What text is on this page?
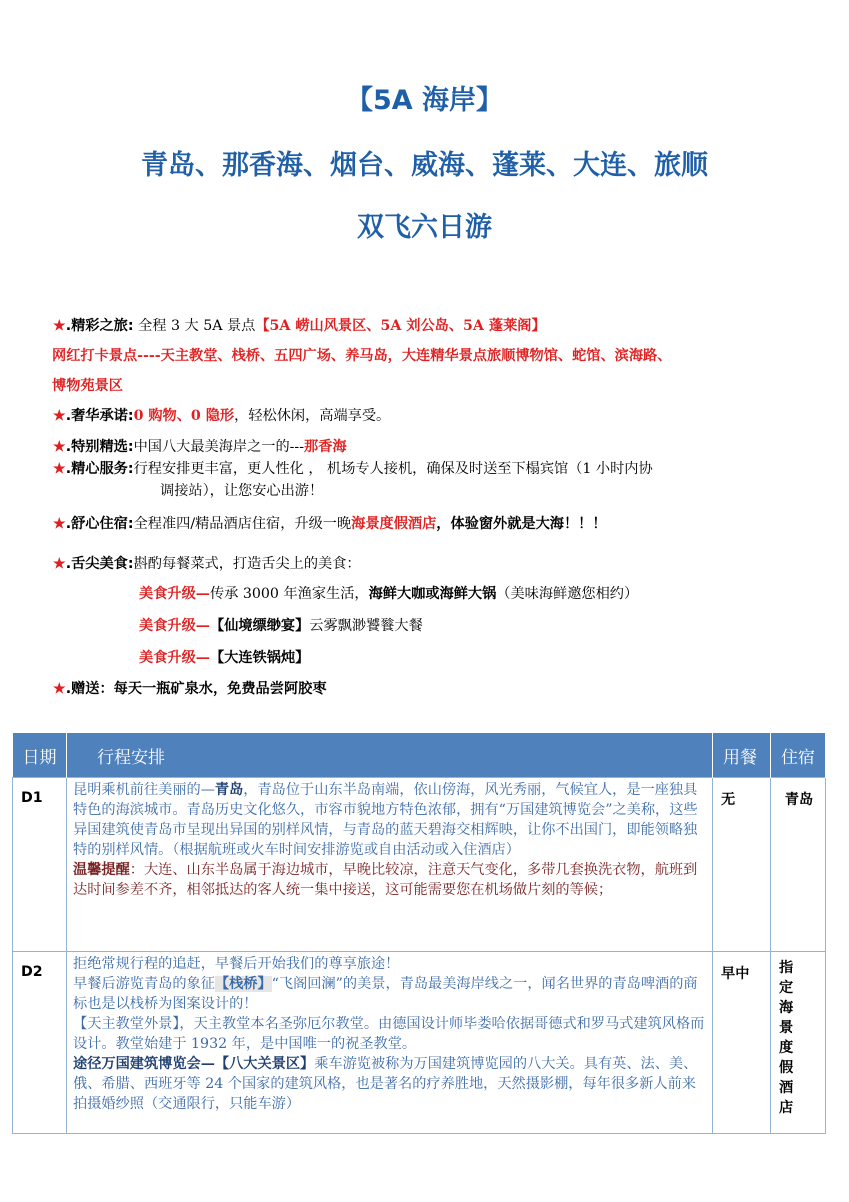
【5A 海岸】
青岛、那香海、烟台、威海、蓬莱、大连、旅顺
双飞六日游
★.精彩之旅: 全程 3 大 5A 景点【5A 崂山风景区、5A 刘公岛、5A 蓬莱阁】
网红打卡景点----天主教堂、栈桥、五四广场、养马岛，大连精华景点旅顺博物馆、蛇馆、滨海路、
博物苑景区
★.奢华承诺:0 购物、0 隐形，轻松休闲，高端享受。
★.特别精选:中国八大最美海岸之一的---那香海
★.精心服务:行程安排更丰富，更人性化 ， 机场专人接机，确保及时送至下榻宾馆（1 小时内协
调接站），让您安心出游！
★.舒心住宿:全程准四/精品酒店住宿，升级一晚海景度假酒店，体验窗外就是大海！！！
★.舌尖美食:斟酌每餐菜式，打造舌尖上的美食：
美食升级—传承 3000 年渔家生活，海鲜大咖或海鲜大锅（美味海鲜邀您相约）
美食升级—【仙境缥缈宴】云雾飘渺饕餮大餐
美食升级—【大连铁锅炖】
★.赠送：每天一瓶矿泉水，免费品尝阿胶枣
日期	行程安排	用餐	住宿
D1	昆明乘机前往美丽的—青岛，青岛位于山东半岛南端，依山傍海，风光秀丽，气候宜人，是一座独具特色的海滨城市。青岛历史文化悠久，市容市貌地方特色浓郁，拥有“万国建筑博览会”之美称，这些异国建筑使青岛市呈现出异国的别样风情，与青岛的蓝天碧海交相辉映，让你不出国门，即能领略独特的别样风情。（根据航班或火车时间安排游览或自由活动或入住酒店）
温馨提醒：大连、山东半岛属于海边城市，早晚比较凉，注意天气变化，多带几套换洗衣物，航班到达时间参差不齐，相邻抵达的客人统一集中接送，这可能需要您在机场做片刻的等候；	无	青岛
D2	拒绝常规行程的追赶，早餐后开始我们的尊享旅途！
早餐后游览青岛的象征【栈桥】“飞阁回澜”的美景，青岛最美海岸线之一，闻名世界的青岛啤酒的商标也是以栈桥为图案设计的！
【天主教堂外景】，天主教堂本名圣弥厄尔教堂。由德国设计师毕娄哈依据哥德式和罗马式建筑风格而设计。教堂始建于 1932 年，是中国唯一的祝圣教堂。
途径万国建筑博览会—【八大关景区】乘车游览被称为万国建筑博览园的八大关。具有英、法、美、俄、希腊、西班牙等 24 个国家的建筑风格，也是著名的疗养胜地，天然摄影棚，每年很多新人前来拍摄婚纱照（交通限行，只能车游）	早中	指定海景度假酒店
